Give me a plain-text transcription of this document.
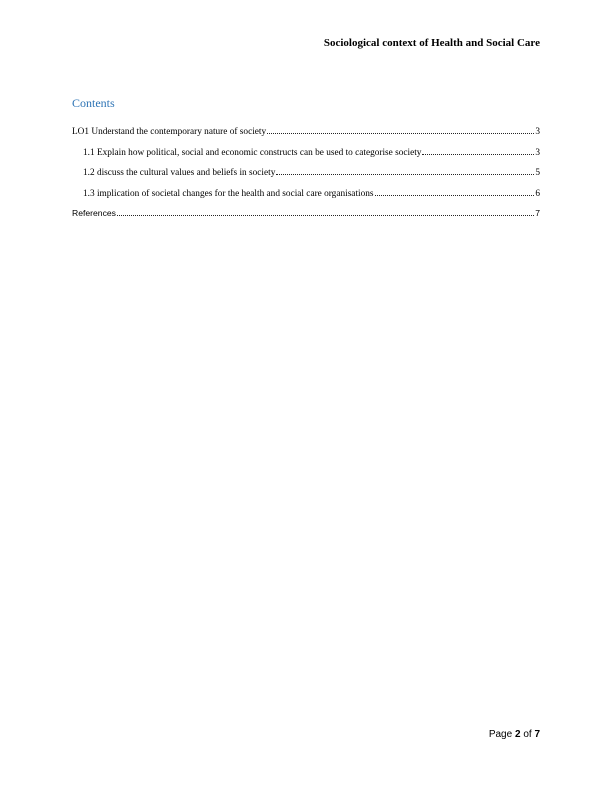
Sociological context of Health and Social Care
Contents
LO1 Understand the contemporary nature of society	3
1.1 Explain how political, social and economic constructs can be used to categorise society	3
1.2 discuss the cultural values and beliefs in society	5
1.3 implication of societal changes for the health and social care organisations	6
References	7
Page 2 of 7
